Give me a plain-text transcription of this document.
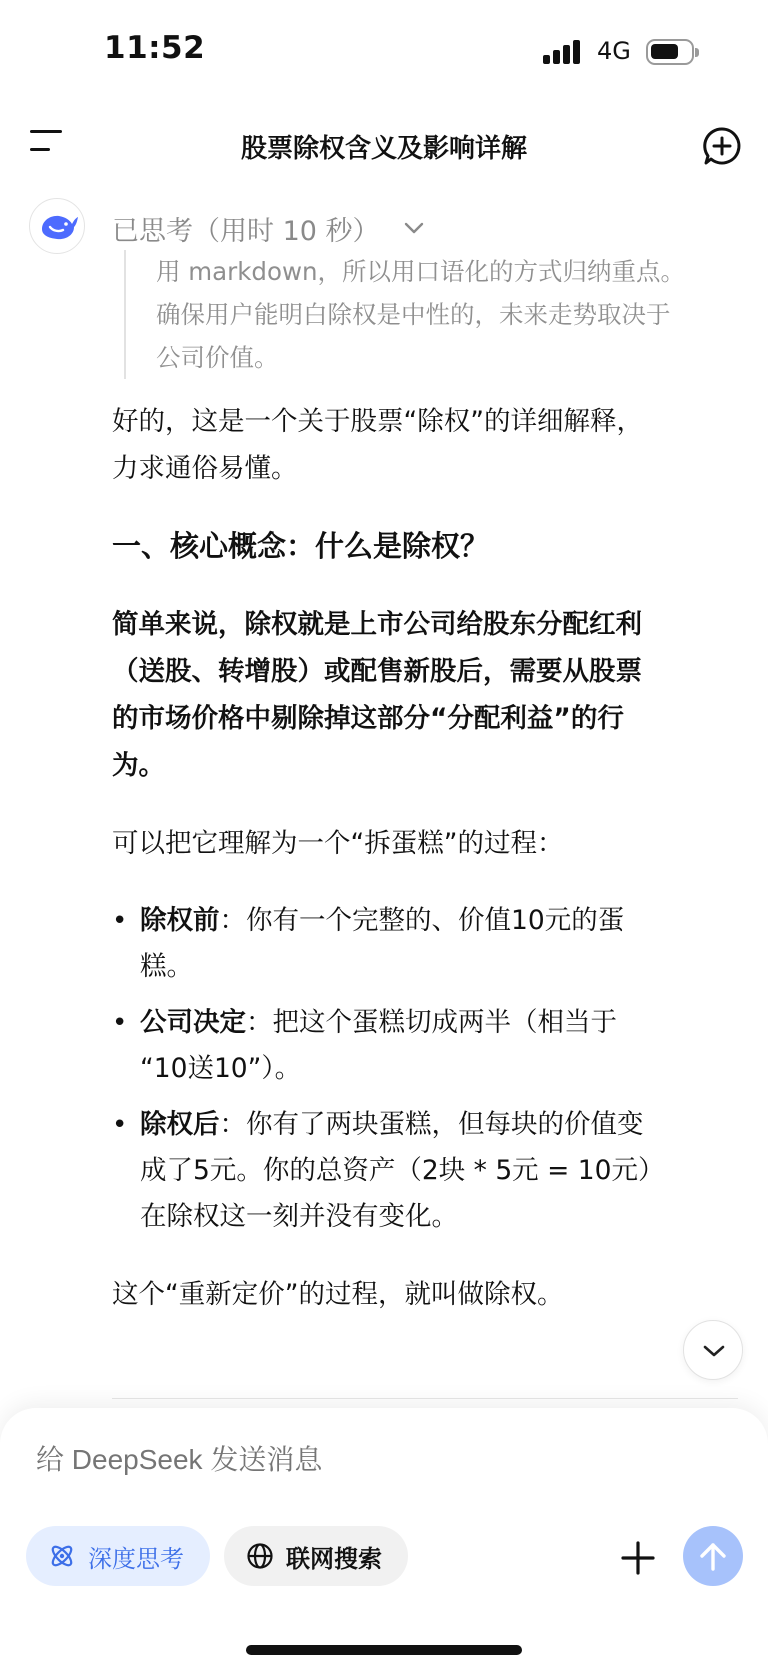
11:52	4G
股票除权含义及影响详解
已思考（用时 10 秒）
用 markdown，所以用口语化的方式归纳重点。
确保用户能明白除权是中性的，未来走势取决于
公司价值。
好的，这是一个关于股票“除权”的详细解释，
力求通俗易懂。
一、核心概念：什么是除权？
简单来说，除权就是上市公司给股东分配红利
（送股、转增股）或配售新股后，需要从股票
的市场价格中剔除掉这部分“分配利益”的行
为。
可以把它理解为一个“拆蛋糕”的过程：
• 除权前：你有一个完整的、价值10元的蛋
糕。
• 公司决定：把这个蛋糕切成两半（相当于
“10送10”）。
• 除权后：你有了两块蛋糕，但每块的价值变
成了5元。你的总资产（2块 * 5元 = 10元）
在除权这一刻并没有变化。
这个“重新定价”的过程，就叫做除权。
给 DeepSeek 发送消息
深度思考	联网搜索
